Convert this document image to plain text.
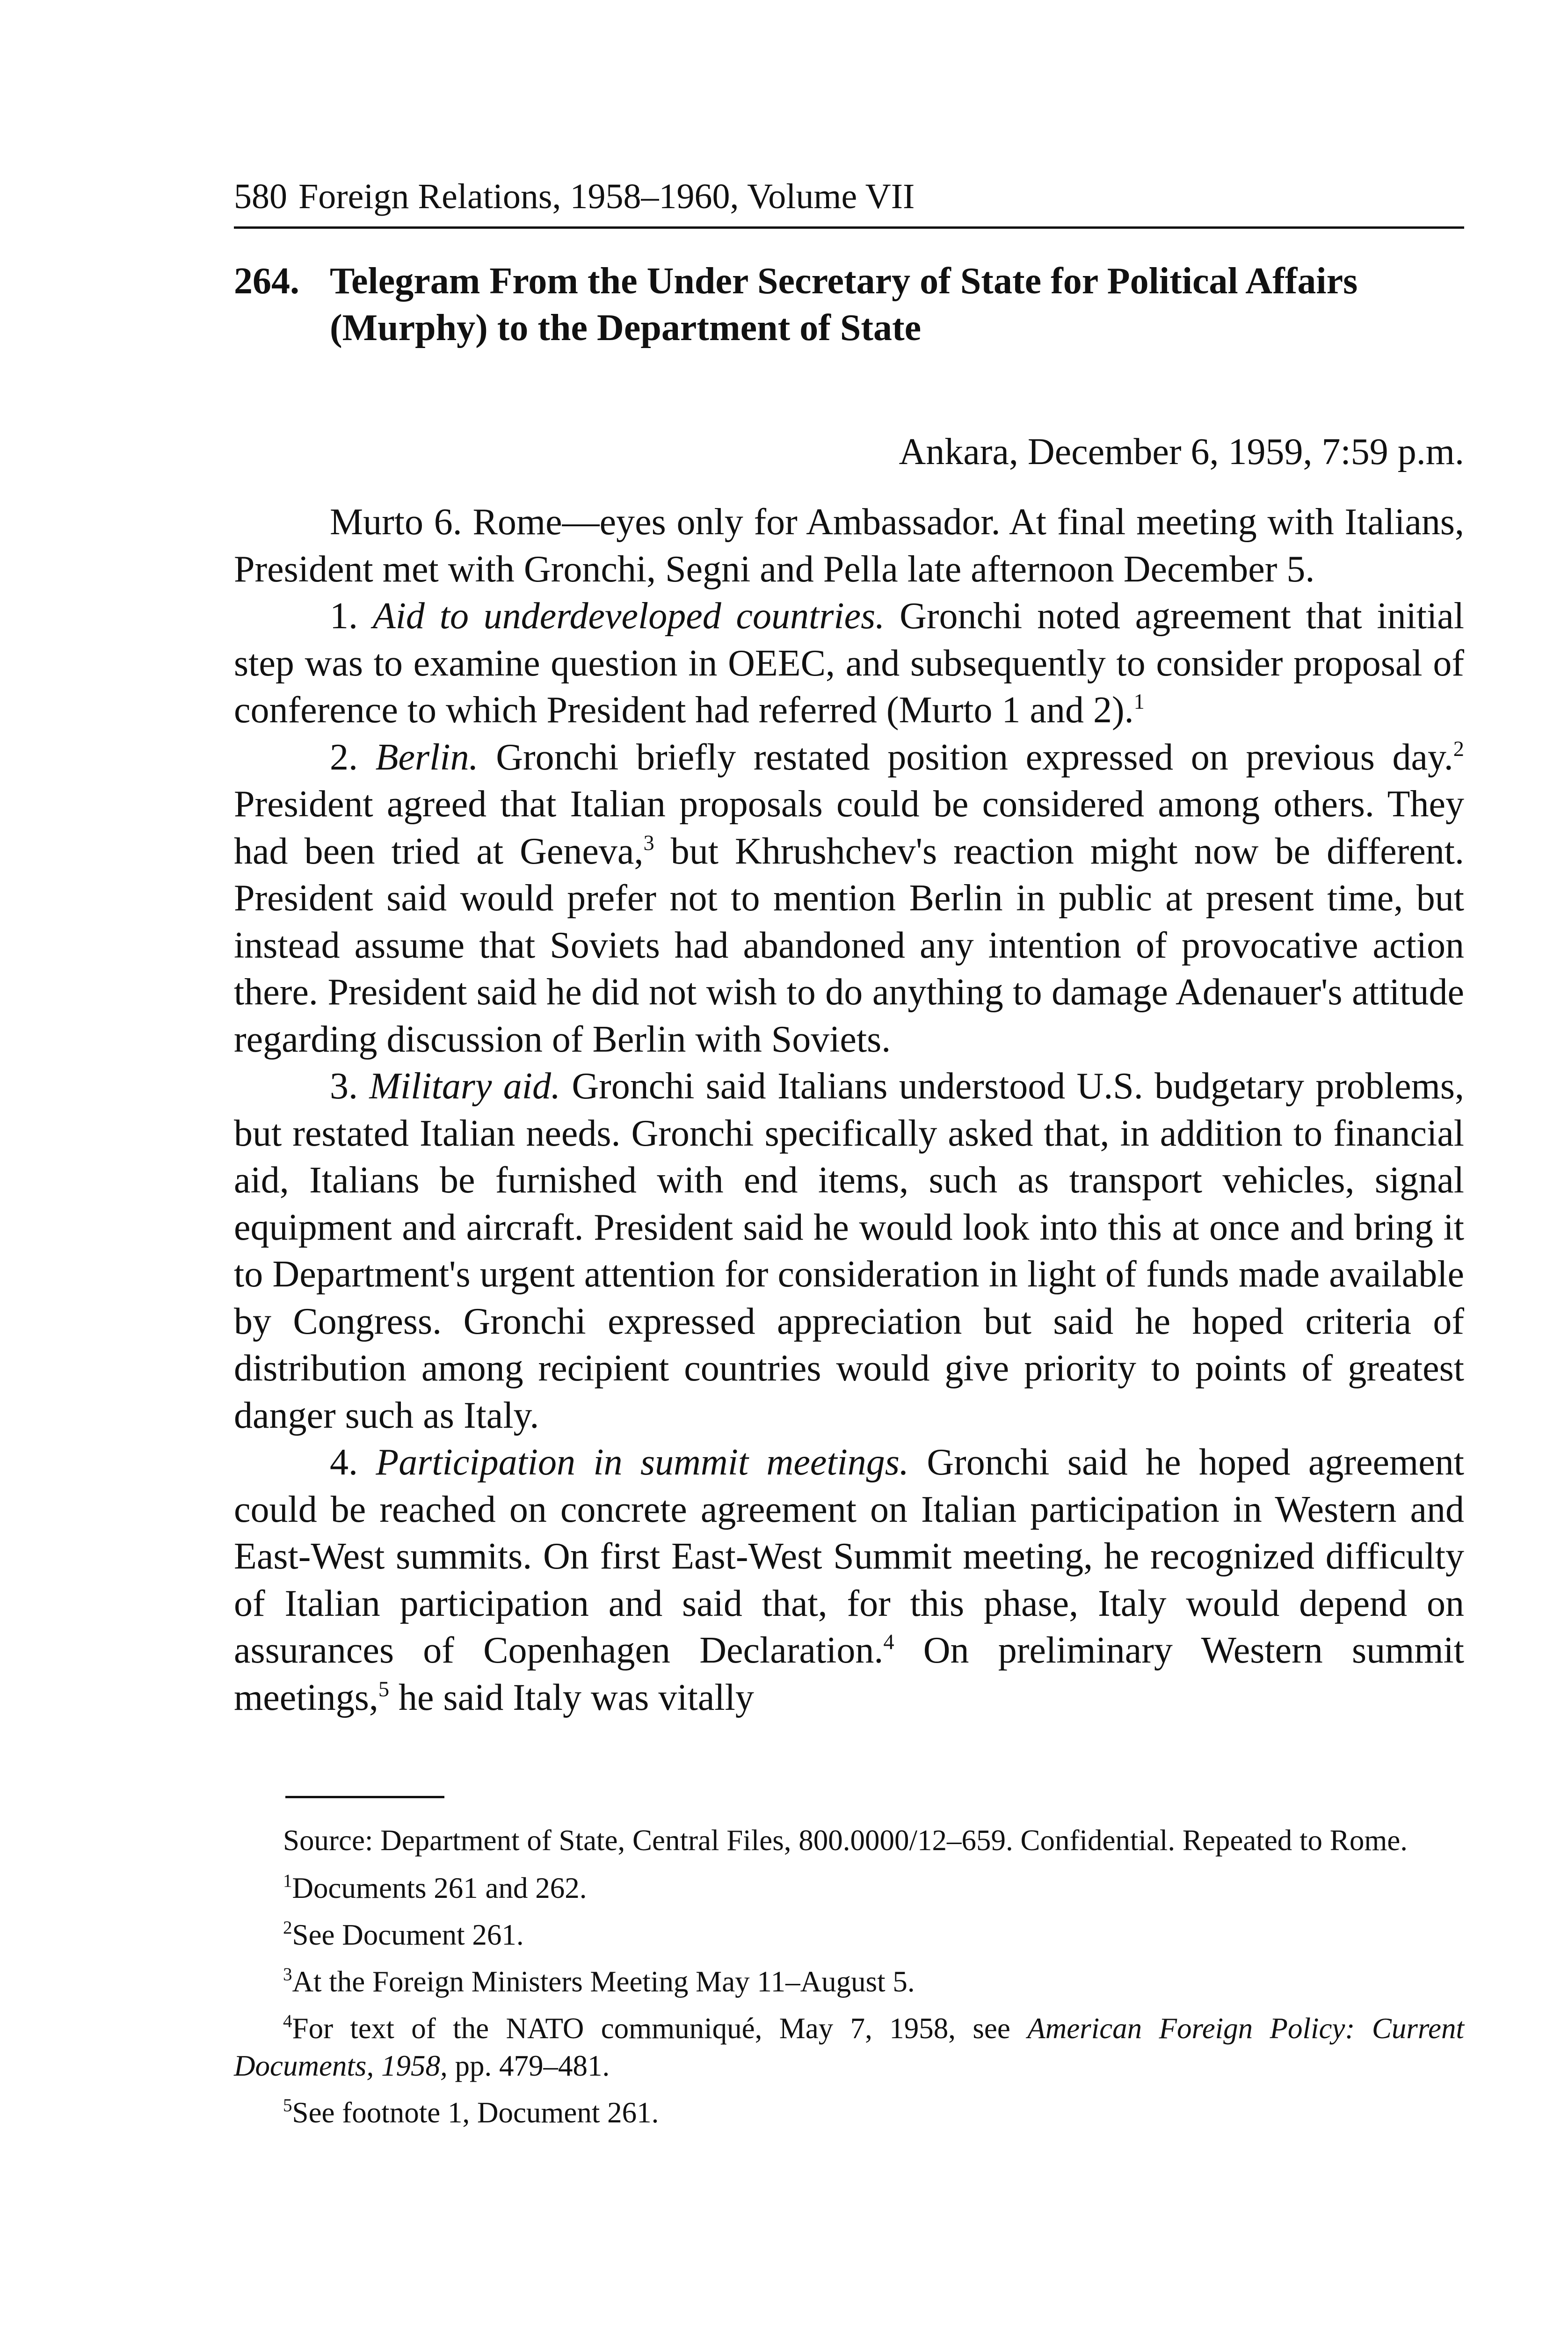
580 Foreign Relations, 1958–1960, Volume VII
264. Telegram From the Under Secretary of State for Political Affairs (Murphy) to the Department of State
Ankara, December 6, 1959, 7:59 p.m.

Murto 6. Rome—eyes only for Ambassador. At final meeting with Italians, President met with Gronchi, Segni and Pella late afternoon December 5.

1. Aid to underdeveloped countries. Gronchi noted agreement that initial step was to examine question in OEEC, and subsequently to consider proposal of conference to which President had referred (Murto 1 and 2).$^1$

2. Berlin. Gronchi briefly restated position expressed on previous day.$^2$ President agreed that Italian proposals could be considered among others. They had been tried at Geneva,$^3$ but Khrushchev's reaction might now be different. President said would prefer not to mention Berlin in public at present time, but instead assume that Soviets had abandoned any intention of provocative action there. President said he did not wish to do anything to damage Adenauer's attitude regarding discussion of Berlin with Soviets.

3. Military aid. Gronchi said Italians understood U.S. budgetary problems, but restated Italian needs. Gronchi specifically asked that, in addition to financial aid, Italians be furnished with end items, such as transport vehicles, signal equipment and aircraft. President said he would look into this at once and bring it to Department's urgent attention for consideration in light of funds made available by Congress. Gronchi expressed appreciation but said he hoped criteria of distribution among recipient countries would give priority to points of greatest danger such as Italy.

4. Participation in summit meetings. Gronchi said he hoped agreement could be reached on concrete agreement on Italian participation in Western and East-West summits. On first East-West Summit meeting, he recognized difficulty of Italian participation and said that, for this phase, Italy would depend on assurances of Copenhagen Declaration.$^4$ On preliminary Western summit meetings,$^5$ he said Italy was vitally

Source: Department of State, Central Files, 800.0000/12–659. Confidential. Repeated to Rome.

$^1$Documents 261 and 262.

$^2$See Document 261.

$^3$At the Foreign Ministers Meeting May 11–August 5.

$^4$For text of the NATO communiqué, May 7, 1958, see American Foreign Policy: Current Documents, 1958, pp. 479–481.

$^5$See footnote 1, Document 261.
